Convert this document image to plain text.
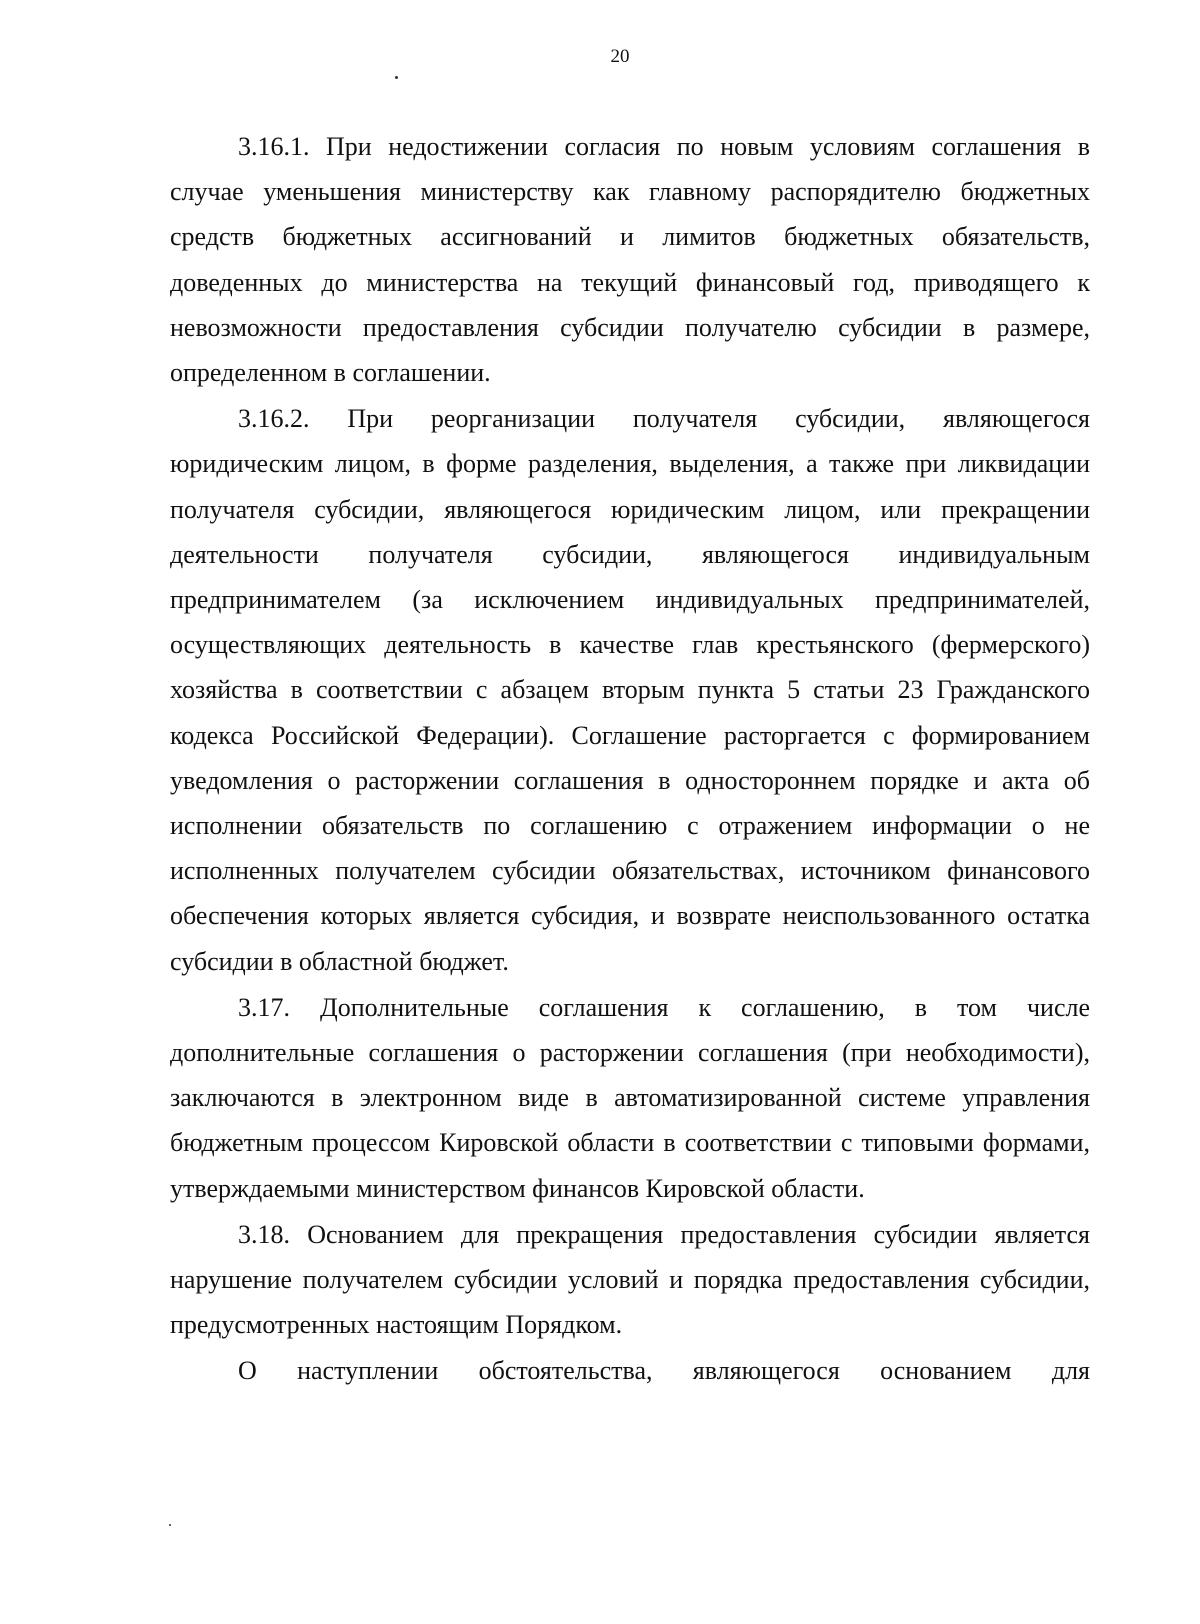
20

3.16.1. При недостижении согласия по новым условиям соглашения в случае уменьшения министерству как главному распорядителю бюджетных средств бюджетных ассигнований и лимитов бюджетных обязательств, доведенных до министерства на текущий финансовый год, приводящего к невозможности предоставления субсидии получателю субсидии в размере, определенном в соглашении.

3.16.2. При реорганизации получателя субсидии, являющегося юридическим лицом, в форме разделения, выделения, а также при ликвидации получателя субсидии, являющегося юридическим лицом, или прекращении деятельности получателя субсидии, являющегося индивидуальным предпринимателем (за исключением индивидуальных предпринимателей, осуществляющих деятельность в качестве глав крестьянского (фермерского) хозяйства в соответствии с абзацем вторым пункта 5 статьи 23 Гражданского кодекса Российской Федерации). Соглашение расторгается с формированием уведомления о расторжении соглашения в одностороннем порядке и акта об исполнении обязательств по соглашению с отражением информации о не исполненных получателем субсидии обязательствах, источником финансового обеспечения которых является субсидия, и возврате неиспользованного остатка субсидии в областной бюджет.

3.17. Дополнительные соглашения к соглашению, в том числе дополнительные соглашения о расторжении соглашения (при необходимости), заключаются в электронном виде в автоматизированной системе управления бюджетным процессом Кировской области в соответствии с типовыми формами, утверждаемыми министерством финансов Кировской области.

3.18. Основанием для прекращения предоставления субсидии является нарушение получателем субсидии условий и порядка предоставления субсидии, предусмотренных настоящим Порядком.

О наступлении обстоятельства, являющегося основанием для
